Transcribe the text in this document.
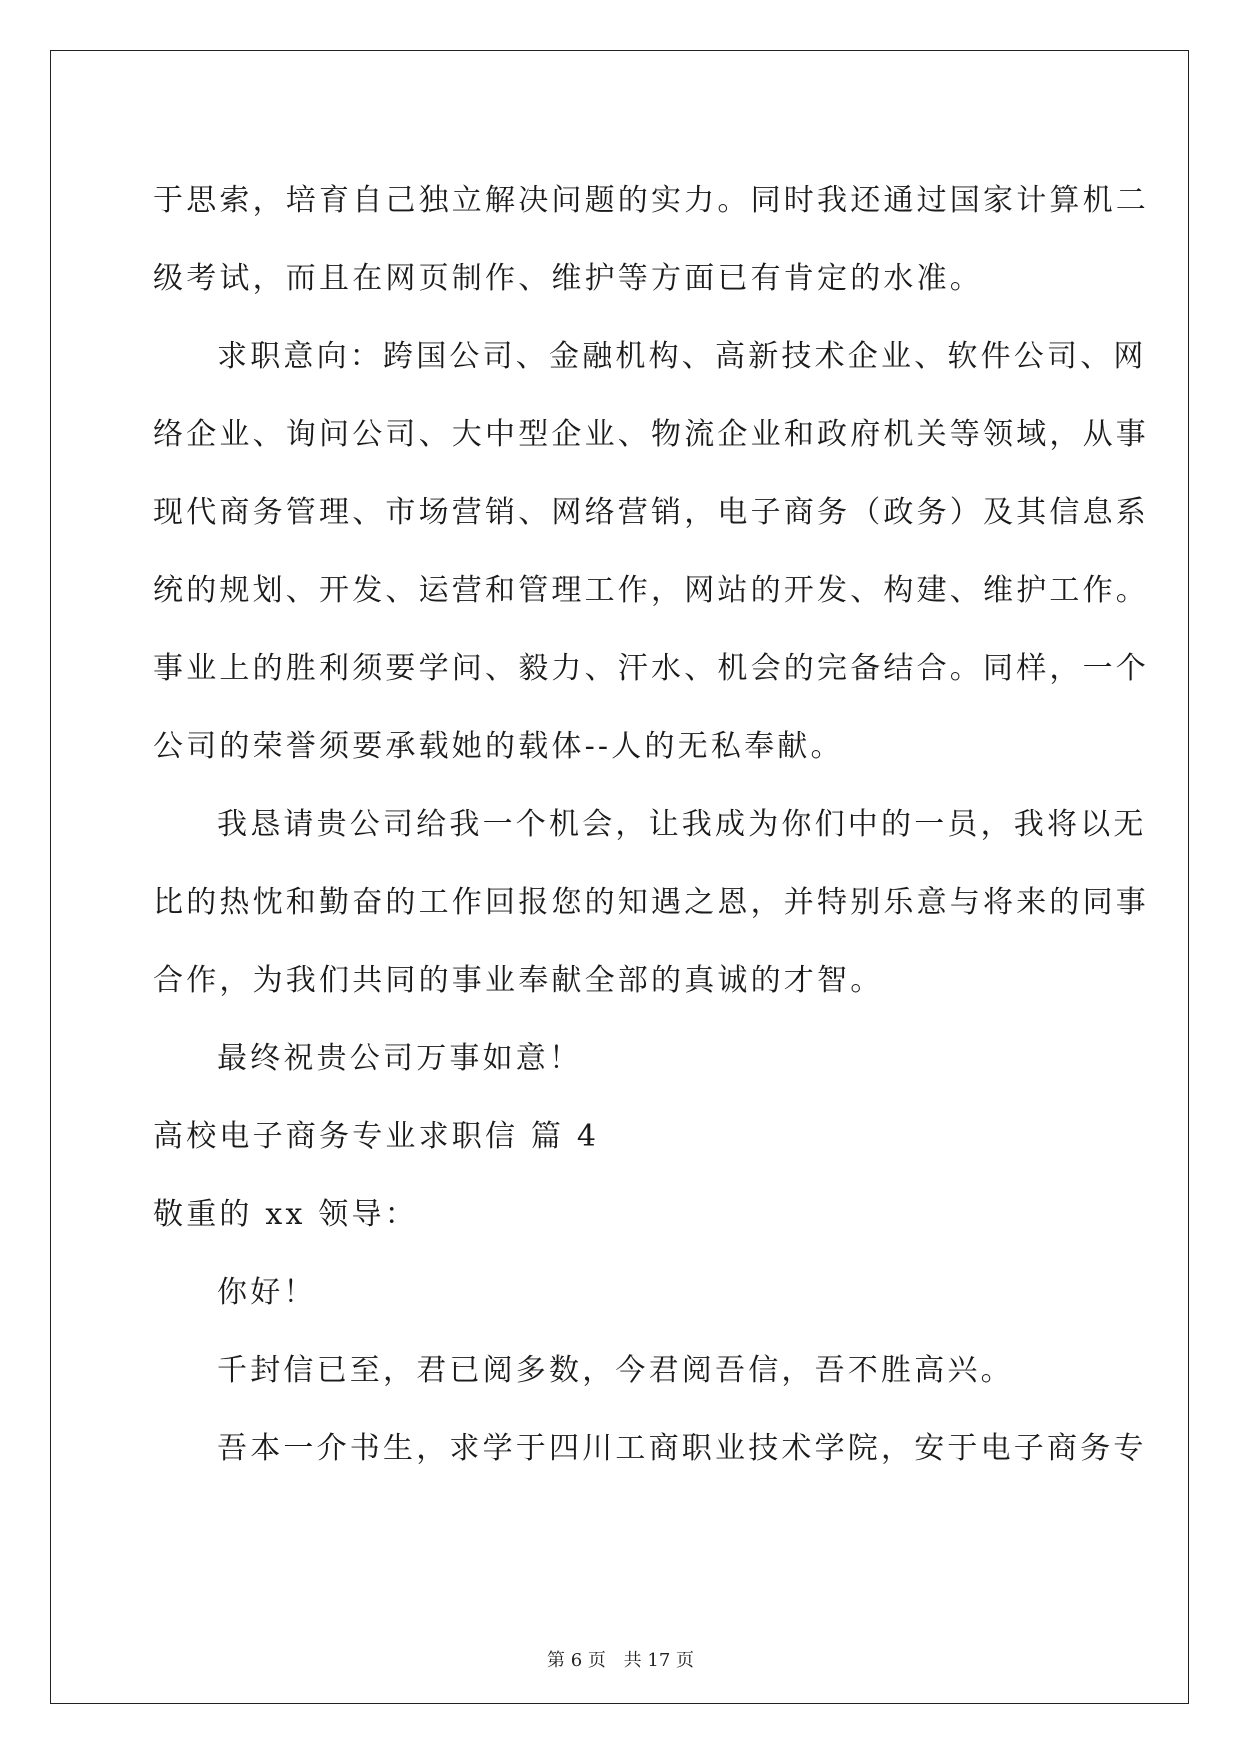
于思索，培育自己独立解决问题的实力。同时我还通过国家计算机二
级考试，而且在网页制作、维护等方面已有肯定的水准。
求职意向：跨国公司、金融机构、高新技术企业、软件公司、网
络企业、询问公司、大中型企业、物流企业和政府机关等领域，从事
现代商务管理、市场营销、网络营销，电子商务（政务）及其信息系
统的规划、开发、运营和管理工作，网站的开发、构建、维护工作。
事业上的胜利须要学问、毅力、汗水、机会的完备结合。同样，一个
公司的荣誉须要承载她的载体--人的无私奉献。
我恳请贵公司给我一个机会，让我成为你们中的一员，我将以无
比的热忱和勤奋的工作回报您的知遇之恩，并特别乐意与将来的同事
合作，为我们共同的事业奉献全部的真诚的才智。
最终祝贵公司万事如意！
高校电子商务专业求职信 篇 4
敬重的 xx 领导：
你好！
千封信已至，君已阅多数，今君阅吾信，吾不胜高兴。
吾本一介书生，求学于四川工商职业技术学院，安于电子商务专
第 6 页 共 17 页
